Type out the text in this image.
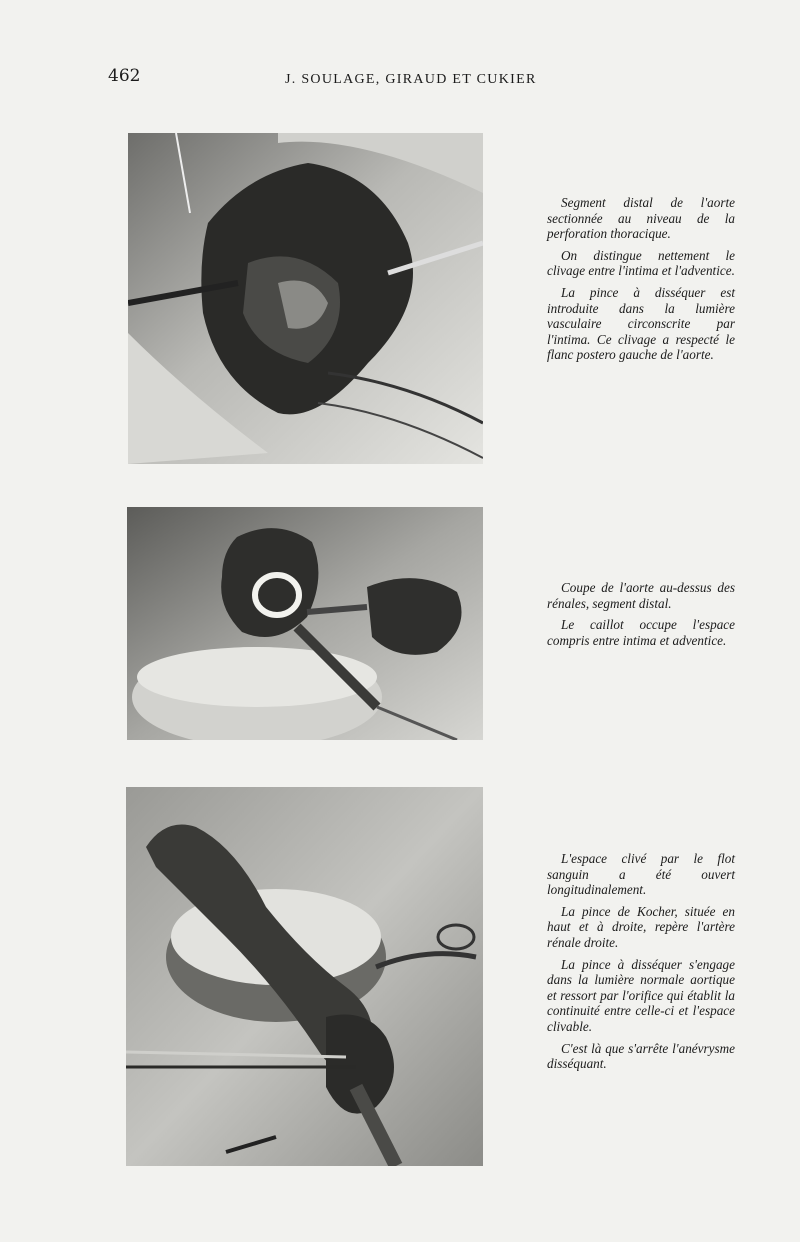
462	J. SOULAGE, GIRAUD ET CUKIER

Segment distal de l'aorte sectionnée au niveau de la perforation thoracique.

On distingue nettement le clivage entre l'intima et l'adventice.

La pince à disséquer est introduite dans la lumière vasculaire circonscrite par l'intima. Ce clivage a respecté le flanc postero gauche de l'aorte.

Coupe de l'aorte au-dessus des rénales, segment distal.

Le caillot occupe l'espace compris entre intima et adventice.

L'espace clivé par le flot sanguin a été ouvert longitudinalement.

La pince de Kocher, située en haut et à droite, repère l'artère rénale droite.

La pince à disséquer s'engage dans la lumière normale aortique et ressort par l'orifice qui établit la continuité entre celle-ci et l'espace clivable.

C'est là que s'arrête l'anévrysme disséquant.
